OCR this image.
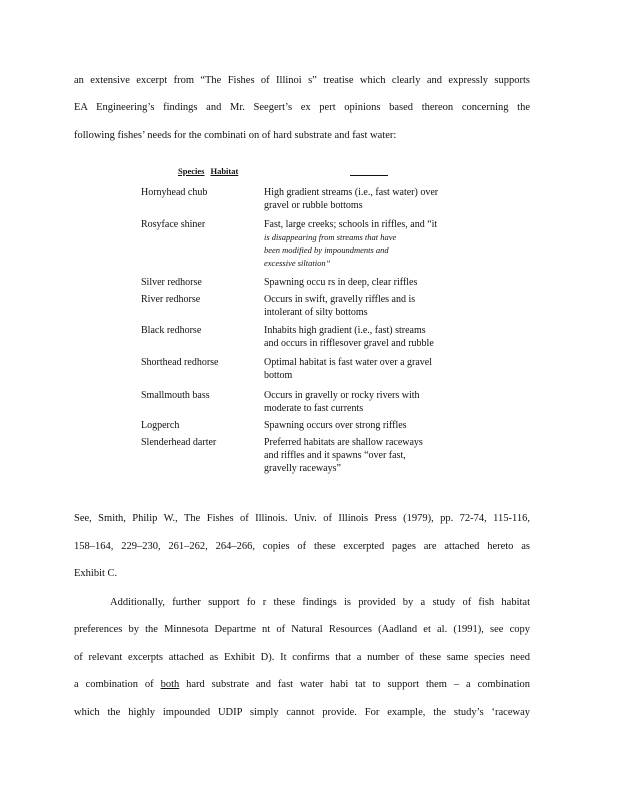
an extensive excerpt from “The Fishes of Illinoi s” treatise which clearly and expressly supports
EA Engineering’s findings and Mr. Seegert’s ex pert opinions based thereon concerning the
following fishes’ needs for the combinati on of hard substrate and fast water:
Species Habitat
Hornyhead chub	High gradient streams (i.e., fast water) over
gravel or rubble bottoms
Rosyface shiner	Fast, large creeks; schools in riffles, and “it
is disappearing from streams that have
been modified by impoundments and
excessive siltation”
Silver redhorse	Spawning occu rs in deep, clear riffles
River redhorse	Occurs in swift, gravelly riffles and is
intolerant of silty bottoms
Black redhorse	Inhabits high gradient (i.e., fast) streams
and occurs in rifflesover gravel and rubble
Shorthead redhorse	Optimal habitat is fast water over a gravel
bottom
Smallmouth bass	Occurs in gravelly or rocky rivers with
moderate to fast currents
Logperch	Spawning occurs over strong riffles
Slenderhead darter	Preferred habitats are shallow raceways
and riffles and it spawns “over fast,
gravelly raceways”
See, Smith, Philip W., The Fishes of Illinois. Univ. of Illinois Press (1979), pp. 72-74, 115-116,
158–164, 229–230, 261–262, 264–266, copies of these excerpted pages are attached hereto as
Exhibit C.
Additionally, further support fo r these findings is provided by a study of fish habitat
preferences by the Minnesota Departme nt of Natural Resources (Aadland et al. (1991), see copy
of relevant excerpts attached as Exhibit D). It confirms that a number of these same species need
a combination of both hard substrate and fast water habi tat to support them – a combination
which the highly impounded UDIP simply cannot provide. For example, the study’s ‘raceway
